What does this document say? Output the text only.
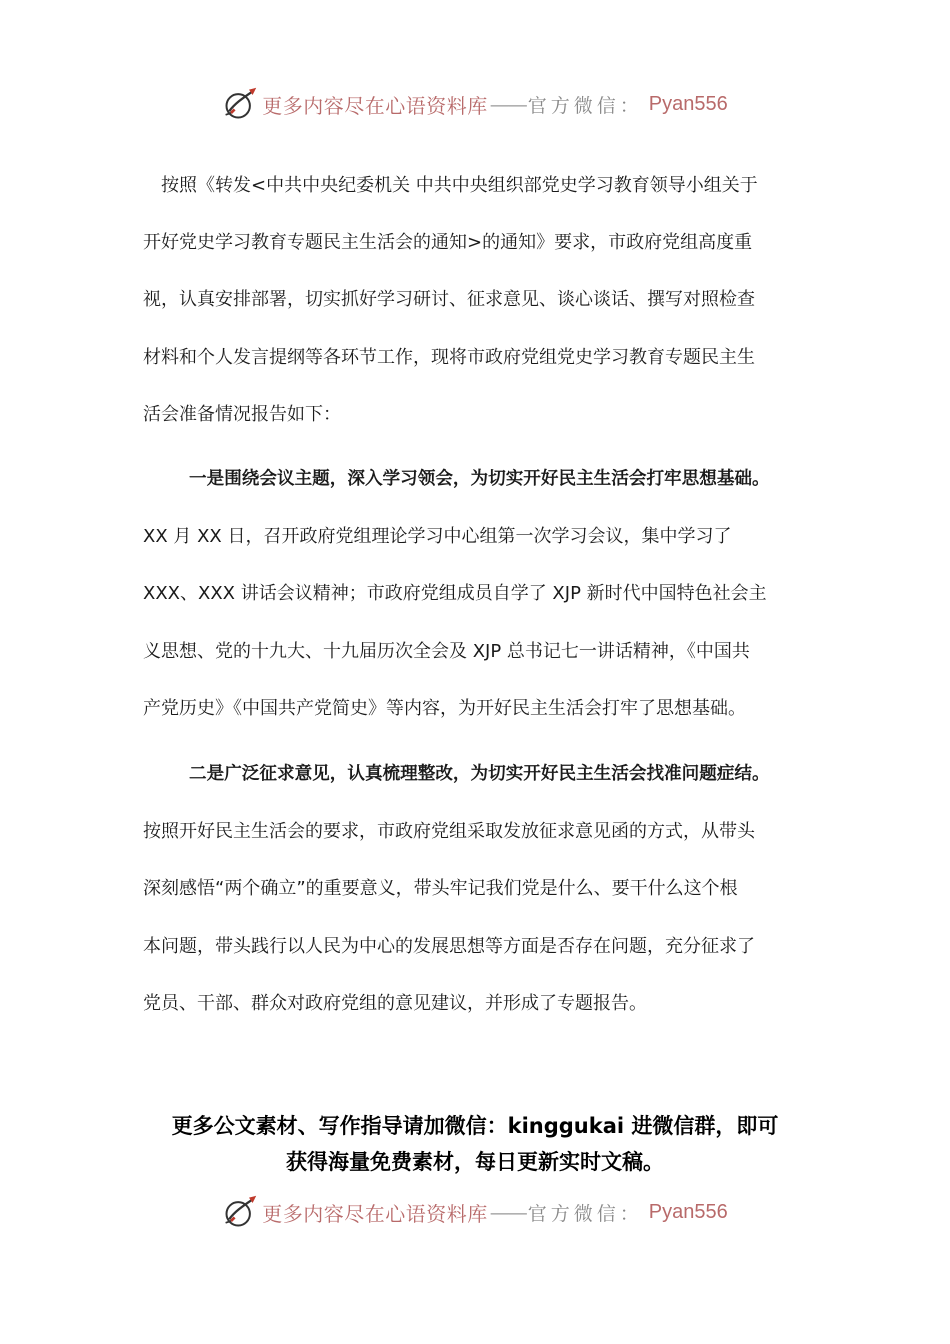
更多内容尽在心语资料库 —— 官方微信： Pyan556
按照《转发<中共中央纪委机关 中共中央组织部党史学习教育领导小组关于
开好党史学习教育专题民主生活会的通知>的通知》要求，市政府党组高度重
视，认真安排部署，切实抓好学习研讨、征求意见、谈心谈话、撰写对照检查
材料和个人发言提纲等各环节工作，现将市政府党组党史学习教育专题民主生
活会准备情况报告如下：
一是围绕会议主题，深入学习领会，为切实开好民主生活会打牢思想基础。
XX 月 XX 日，召开政府党组理论学习中心组第一次学习会议，集中学习了
XXX、XXX 讲话会议精神；市政府党组成员自学了 XJP 新时代中国特色社会主
义思想、党的十九大、十九届历次全会及 XJP 总书记七一讲话精神，《中国共
产党历史》《中国共产党简史》等内容，为开好民主生活会打牢了思想基础。
二是广泛征求意见，认真梳理整改，为切实开好民主生活会找准问题症结。
按照开好民主生活会的要求，市政府党组采取发放征求意见函的方式，从带头
深刻感悟“两个确立”的重要意义，带头牢记我们党是什么、要干什么这个根
本问题，带头践行以人民为中心的发展思想等方面是否存在问题，充分征求了
党员、干部、群众对政府党组的意见建议，并形成了专题报告。
更多公文素材、写作指导请加微信：kinggukai 进微信群，即可
获得海量免费素材，每日更新实时文稿。
更多内容尽在心语资料库 —— 官方微信： Pyan556
